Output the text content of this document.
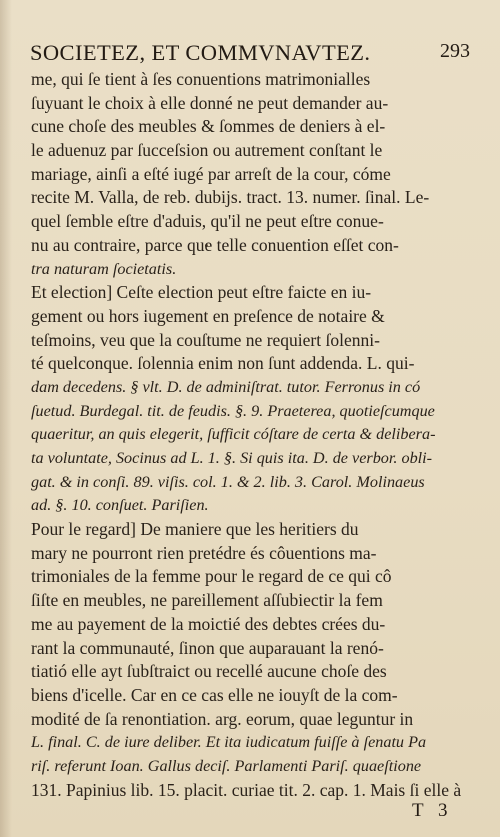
SOCIETEZ, ET COMMVNAVTEZ.	293
me, qui ſe tient à ſes conuentions matrimonialles
ſuyuant le choix à elle donné ne peut demander au-
cune choſe des meubles & ſommes de deniers à el-
le aduenuz par ſucceſsion ou autrement conſtant le
mariage, ainſi a eſté iugé par arreſt de la cour, cóme
recite M. Valla, de reb. dubijs. tract. 13. numer. ſinal. Le-
quel ſemble eſtre d'aduis, qu'il ne peut eſtre conue-
nu au contraire, parce que telle conuention eſſet con-
tra naturam ſocietatis.
Et election] Ceſte election peut eſtre faicte en iu-
gement ou hors iugement en preſence de notaire &
teſmoins, veu que la couſtume ne requiert ſolenni-
té quelconque. ſolennia enim non ſunt addenda. L. qui-
dam decedens. § vlt. D. de adminiſtrat. tutor. Ferronus in có
ſuetud. Burdegal. tit. de feudis. §. 9. Praeterea, quotieſcumque
quaeritur, an quis elegerit, ſufficit cóſtare de certa & delibera-
ta voluntate, Socinus ad L. 1. §. Si quis ita. D. de verbor. obli-
gat. & in conſi. 89. viſis. col. 1. & 2. lib. 3. Carol. Molinaeus
ad. §. 10. conſuet. Pariſien.
Pour le regard] De maniere que les heritiers du
mary ne pourront rien pretédre és côuentions ma-
trimoniales de la femme pour le regard de ce qui cô
ſiſte en meubles, ne pareillement aſſubiectir la fem
me au payement de la moictié des debtes crées du-
rant la communauté, ſinon que auparauant la renó-
tiatió elle ayt ſubſtraict ou recellé aucune choſe des
biens d'icelle. Car en ce cas elle ne iouyſt de la com-
modité de ſa renontiation. arg. eorum, quae leguntur in
L. final. C. de iure deliber. Et ita iudicatum fuiſſe à ſenatu Pa
riſ. referunt Ioan. Gallus deciſ. Parlamenti Pariſ. quaeſtione
131. Papinius lib. 15. placit. curiae tit. 2. cap. 1. Mais ſi elle à
T 3
